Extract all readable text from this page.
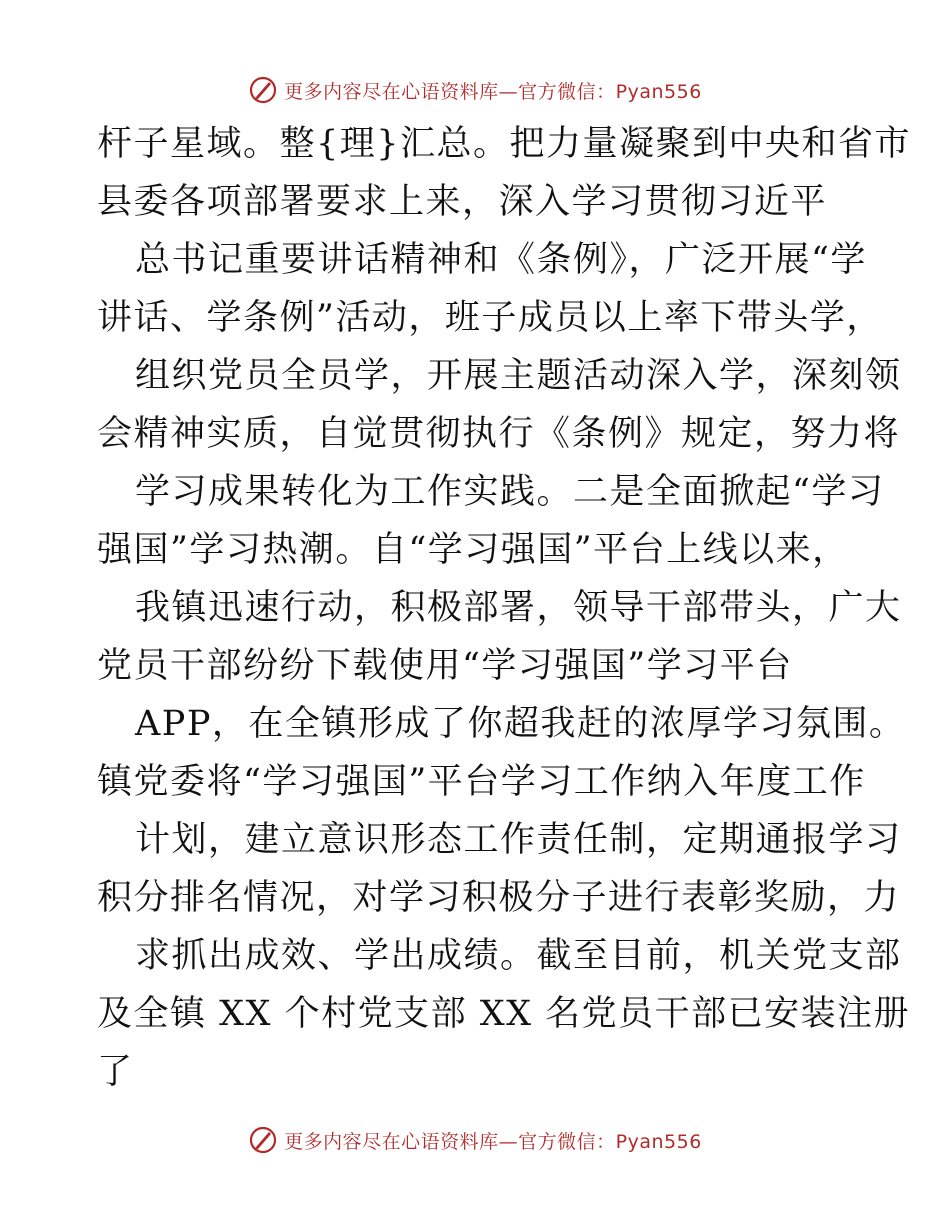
更多内容尽在心语资料库—官方微信：Pyan556
杆子星域。整{理}汇总。把力量凝聚到中央和省市
县委各项部署要求上来，深入学习贯彻习近平
总书记重要讲话精神和《条例》，广泛开展“学
讲话、学条例”活动，班子成员以上率下带头学，
组织党员全员学，开展主题活动深入学，深刻领
会精神实质，自觉贯彻执行《条例》规定，努力将
学习成果转化为工作实践。二是全面掀起“学习
强国”学习热潮。自“学习强国”平台上线以来，
我镇迅速行动，积极部署，领导干部带头，广大
党员干部纷纷下载使用“学习强国”学习平台
APP，在全镇形成了你超我赶的浓厚学习氛围。
镇党委将“学习强国”平台学习工作纳入年度工作
计划，建立意识形态工作责任制，定期通报学习
积分排名情况，对学习积极分子进行表彰奖励，力
求抓出成效、学出成绩。截至目前，机关党支部
及全镇 XX 个村党支部 XX 名党员干部已安装注册
了
更多内容尽在心语资料库—官方微信：Pyan556
